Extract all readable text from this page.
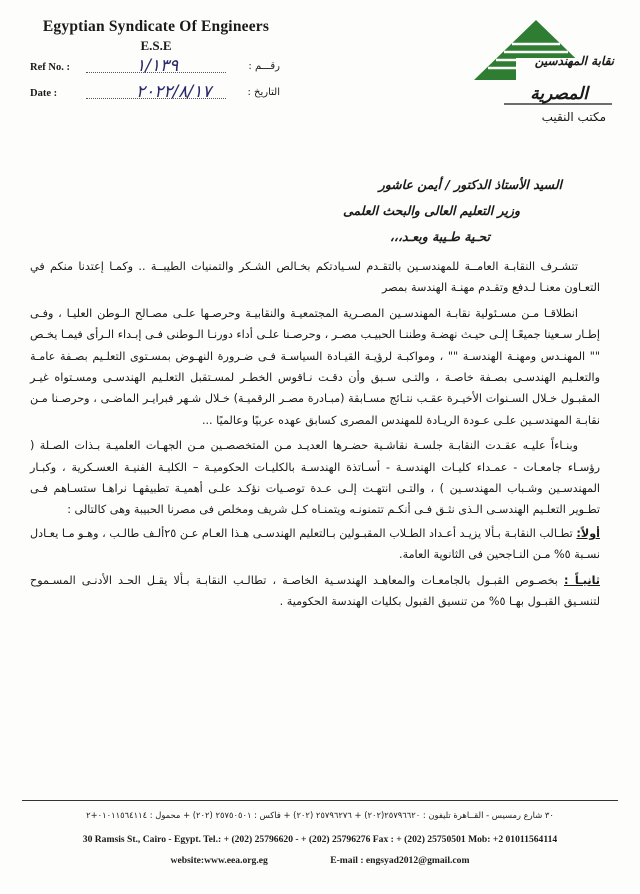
Egyptian Syndicate Of Engineers
E.S.E
Ref No. :	١/١٣٩	رقـــم :
Date :	٢٠٢٢/٨/١٧	التاريخ :
نقابة المهندسين
المصرية
مكتب النقيب
السيد الأستاذ الدكتور / أيمن عاشور
وزير التعليم العالى والبحث العلمى
تحـية طـيبة وبعـد،،،

تتشـرف النقابـة العامــة للمهندسـين بالتقـدم لسـيادتكم بخـالص الشـكر والتمنيات الطيبــة .. وكمـا إعتدنا منكم في التعـاون معنـا لـدفع وتقـدم مهنـة الهندسة بمصر

انطلاقـا مـن مسـئولية نقابـة المهندسـين المصـرية المجتمعيـة والنقابيـة وحرصـها علـى مصـالح الـوطن العليـا ، وفـى إطـار سـعينا جميعًـا إلـى حيـث نهضـة وطننـا الحبيـب مصـر ، وحرصـنا علـى أداء دورنـا الـوطنى فـى إبـداء الـرأى فيمـا يخـص "" المهنـدس ومهنـة الهندسـة "" ، ومواكبـة لرؤيـة القيـادة السياسـة فـى ضـرورة النهـوض بمسـتوى التعلـيم بصـفة عامـة والتعلـيم الهندسـى بصـفة خاصـة ، والتـى سـبق وأن دقـت نـاقوس الخطـر لمسـتقبل التعلـيم الهندسـى ومسـتواه غيـر المقبـول خـلال السـنوات الأخيـرة عقـب نتـائج مسـابقة (مبـادرة مصـر الرقميـة) خـلال شـهر فبرايـر الماضـى ، وحرصـنا مـن نقابـة المهندسـين علـى عـودة الريـادة للمهندس المصرى كسابق عهده عربيًا وعالميًا ...

وبنـاءاً عليـه عقـدت النقابـة جلسـة نقاشـية حضـرها العديـد مـن المتخصصـين مـن الجهـات العلميـة بـذات الصـلة ( رؤسـاء جامعـات - عمـداء كليـات الهندسـة - أسـاتذة الهندسـة بالكليـات الحكوميـة – الكليـة الفنيـة العسـكرية ، وكبـار المهندسـين وشـباب المهندسـين ) ، والتـى انتهـت إلـى عـدة توصـيات نؤكـد علـى أهميـة تطبيقهـا نراهـا ستسـاهم فـى تطـوير التعلـيم الهندسـى الـذى نثـق فـى أنكـم تتمنونـه ويتمنـاه كـل شريف ومخلص فى مصرنا الحبيبة وهى كالتالى :

أولاً: تطـالب النقابـة بـألا يزيـد أعـداد الطـلاب المقبـولين بـالتعليم الهندسـى هـذا العـام عـن ٢٥ألـف طالـب ، وهـو مـا يعـادل نسـبة ٥% مـن النـاجحين فى الثانوية العامة.

ثانيـاً : بخصـوص القبـول بالجامعـات والمعاهـد الهندسـية الخاصـة ، تطالـب النقابـة بـألا يقـل الحـد الأدنـى المسـموح لتنسـيق القبـول بهـا ٥% من تنسيق القبول بكليات الهندسة الحكومية .

٣٠ شارع رمسيس - القــاهرة تليفون : ٢٥٧٩٦٦٢٠(٢٠٢) + ٢٥٧٩٦٢٧٦ (٢٠٢) + فاكس : ٢٥٧٥٠٥٠١ (٢٠٢) + محمول : ٠١٠١١٥٦٤١١٤+٢
30 Ramsis St., Cairo - Egypt. Tel.: + (202) 25796620 - + (202) 25796276 Fax : + (202) 25750501 Mob: +2 01011564114
website:www.eea.org.eg	E-mail : engsyad2012@gmail.com
